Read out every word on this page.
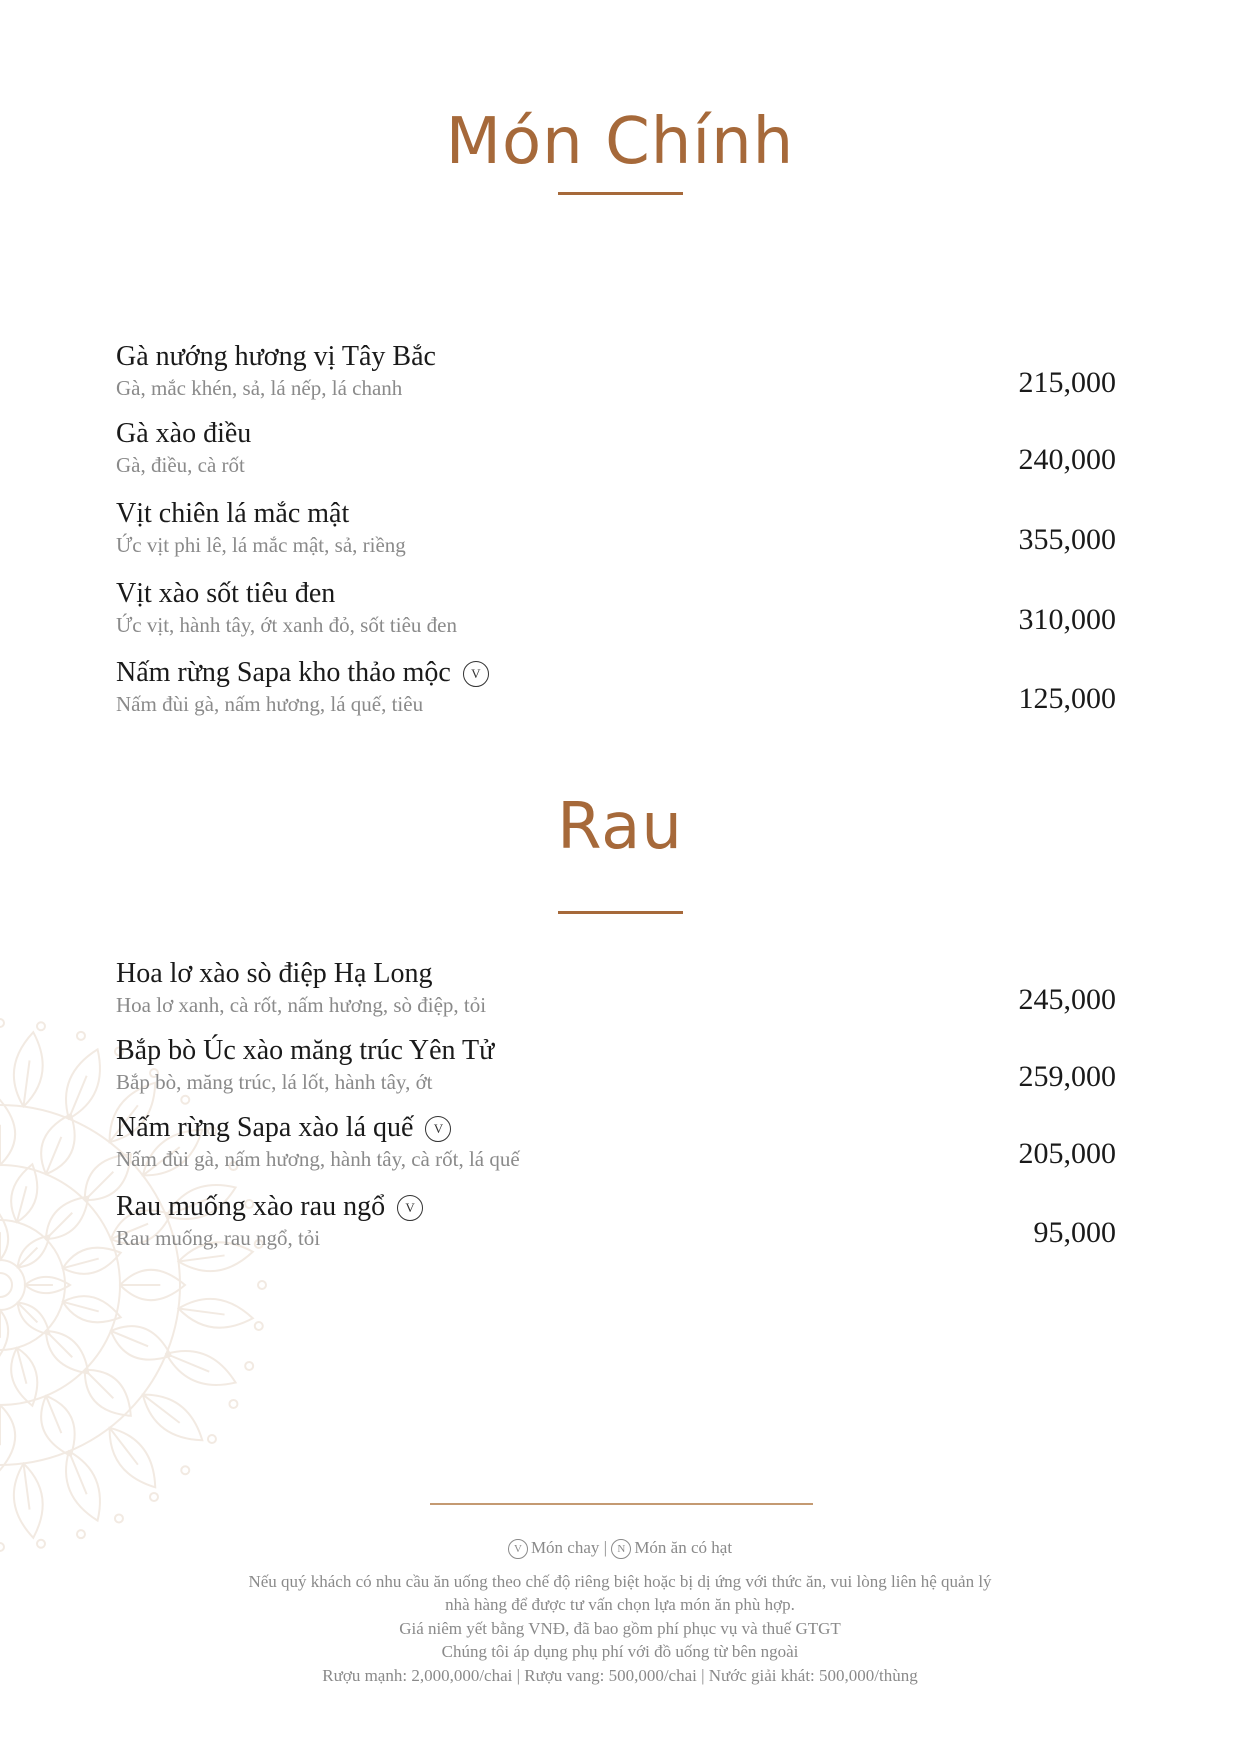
Món Chính
Gà nướng hương vị Tây Bắc
Gà, mắc khén, sả, lá nếp, lá chanh	215,000
Gà xào điều
Gà, điều, cà rốt	240,000
Vịt chiên lá mắc mật
Ức vịt phi lê, lá mắc mật, sả, riềng	355,000
Vịt xào sốt tiêu đen
Ức vịt, hành tây, ớt xanh đỏ, sốt tiêu đen	310,000
Nấm rừng Sapa kho thảo mộc V
Nấm đùi gà, nấm hương, lá quế, tiêu	125,000
Rau
Hoa lơ xào sò điệp Hạ Long
Hoa lơ xanh, cà rốt, nấm hương, sò điệp, tỏi	245,000
Bắp bò Úc xào măng trúc Yên Tử
Bắp bò, măng trúc, lá lốt, hành tây, ớt	259,000
Nấm rừng Sapa xào lá quế V
Nấm đùi gà, nấm hương, hành tây, cà rốt, lá quế	205,000
Rau muống xào rau ngổ V
Rau muống, rau ngổ, tỏi	95,000
V Món chay | N Món ăn có hạt

Nếu quý khách có nhu cầu ăn uống theo chế độ riêng biệt hoặc bị dị ứng với thức ăn, vui lòng liên hệ quản lý

nhà hàng để được tư vấn chọn lựa món ăn phù hợp.

Giá niêm yết bằng VNĐ, đã bao gồm phí phục vụ và thuế GTGT

Chúng tôi áp dụng phụ phí với đồ uống từ bên ngoài

Rượu mạnh: 2,000,000/chai | Rượu vang: 500,000/chai | Nước giải khát: 500,000/thùng
